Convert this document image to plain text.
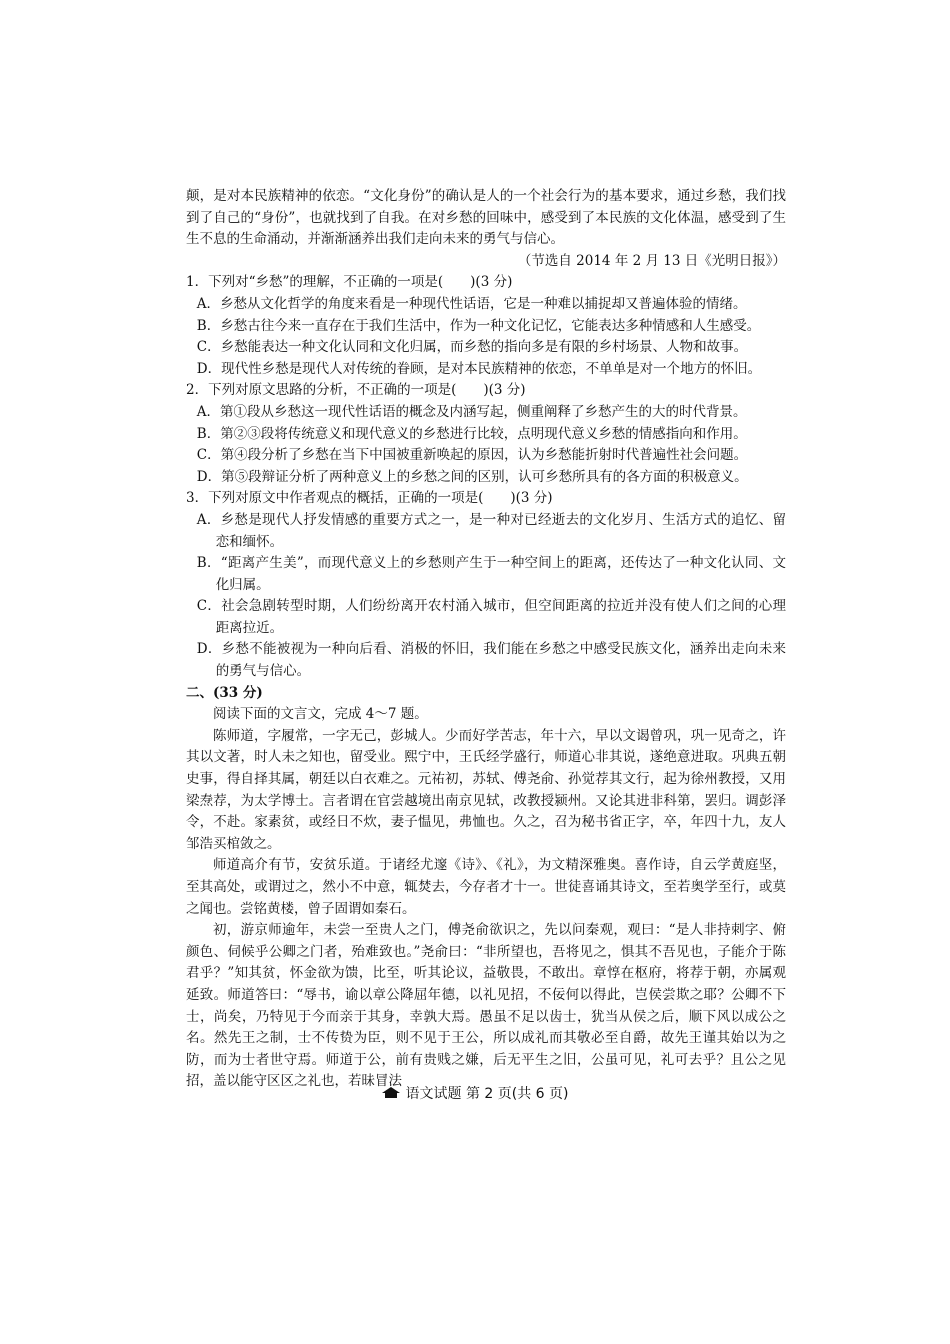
颠，是对本民族精神的依恋。“文化身份”的确认是人的一个社会行为的基本要求，通过乡愁，我们找到了自己的“身份”，也就找到了自我。在对乡愁的回味中，感受到了本民族的文化体温，感受到了生生不息的生命涌动，并渐渐涵养出我们走向未来的勇气与信心。

（节选自 2014 年 2 月 13 日《光明日报》）

1．下列对“乡愁”的理解，不正确的一项是(　　)(3 分)

A．乡愁从文化哲学的角度来看是一种现代性话语，它是一种难以捕捉却又普遍体验的情绪。

B．乡愁古往今来一直存在于我们生活中，作为一种文化记忆，它能表达多种情感和人生感受。

C．乡愁能表达一种文化认同和文化归属，而乡愁的指向多是有限的乡村场景、人物和故事。

D．现代性乡愁是现代人对传统的眷顾，是对本民族精神的依恋，不单单是对一个地方的怀旧。

2．下列对原文思路的分析，不正确的一项是(　　)(3 分)

A．第①段从乡愁这一现代性话语的概念及内涵写起，侧重阐释了乡愁产生的大的时代背景。

B．第②③段将传统意义和现代意义的乡愁进行比较，点明现代意义乡愁的情感指向和作用。

C．第④段分析了乡愁在当下中国被重新唤起的原因，认为乡愁能折射时代普遍性社会问题。

D．第⑤段辩证分析了两种意义上的乡愁之间的区别，认可乡愁所具有的各方面的积极意义。

3．下列对原文中作者观点的概括，正确的一项是(　　)(3 分)

A．乡愁是现代人抒发情感的重要方式之一，是一种对已经逝去的文化岁月、生活方式的追忆、留恋和缅怀。

B．“距离产生美”，而现代意义上的乡愁则产生于一种空间上的距离，还传达了一种文化认同、文化归属。

C．社会急剧转型时期，人们纷纷离开农村涌入城市，但空间距离的拉近并没有使人们之间的心理距离拉近。

D．乡愁不能被视为一种向后看、消极的怀旧，我们能在乡愁之中感受民族文化，涵养出走向未来的勇气与信心。

二、(33 分)

阅读下面的文言文，完成 4～7 题。

陈师道，字履常，一字无己，彭城人。少而好学苦志，年十六，早以文谒曾巩，巩一见奇之，许其以文著，时人未之知也，留受业。熙宁中，王氏经学盛行，师道心非其说，遂绝意进取。巩典五朝史事，得自择其属，朝廷以白衣难之。元祐初，苏轼、傅尧俞、孙觉荐其文行，起为徐州教授，又用梁焘荐，为太学博士。言者谓在官尝越境出南京见轼，改教授颍州。又论其进非科第，罢归。调彭泽令，不赴。家素贫，或经日不炊，妻子愠见，弗恤也。久之，召为秘书省正字，卒，年四十九，友人邹浩买棺敛之。

师道高介有节，安贫乐道。于诸经尤邃《诗》、《礼》，为文精深雅奥。喜作诗，自云学黄庭坚，至其高处，或谓过之，然小不中意，辄焚去，今存者才十一。世徒喜诵其诗文，至若奥学至行，或莫之闻也。尝铭黄楼，曾子固谓如秦石。

初，游京师逾年，未尝一至贵人之门，傅尧俞欲识之，先以问秦观，观曰：“是人非持刺字、俯颜色、伺候乎公卿之门者，殆难致也。”尧俞曰：“非所望也，吾将见之，惧其不吾见也，子能介于陈君乎？”知其贫，怀金欲为馈，比至，听其论议，益敬畏，不敢出。章惇在枢府，将荐于朝，亦属观延致。师道答曰：“辱书，谕以章公降屈年德，以礼见招，不佞何以得此，岂侯尝欺之耶？公卿不下士，尚矣，乃特见于今而亲于其身，幸孰大焉。愚虽不足以齿士，犹当从侯之后，顺下风以成公之名。然先王之制，士不传贽为臣，则不见于王公，所以成礼而其敬必至自爵，故先王谨其始以为之防，而为士者世守焉。师道于公，前有贵贱之嫌，后无平生之旧，公虽可见，礼可去乎？且公之见招，盖以能守区区之礼也，若昧冒法

语文试题 第 2 页(共 6 页)
